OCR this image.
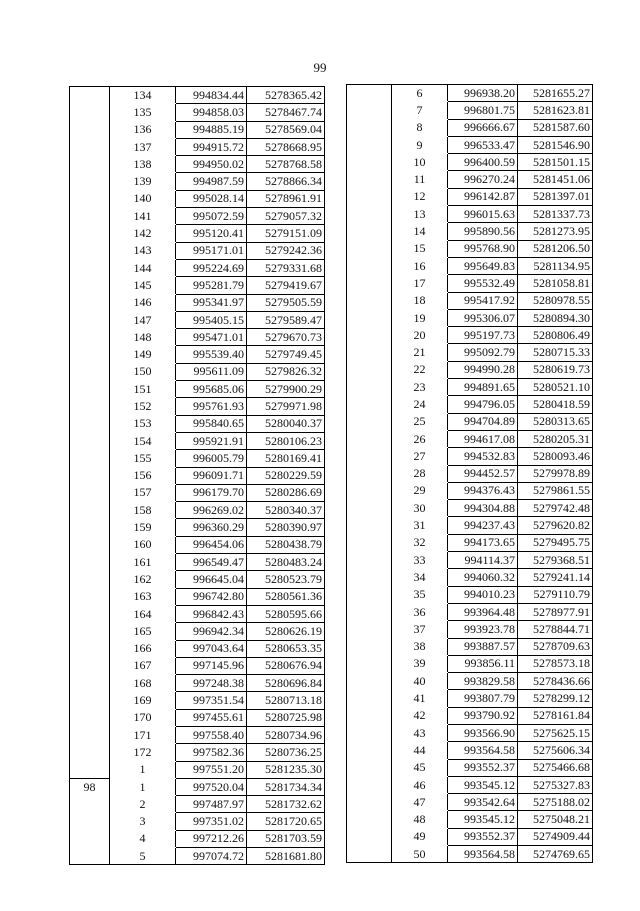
99
	134	994834.44	5278365.42
	135	994858.03	5278467.74
	136	994885.19	5278569.04
	137	994915.72	5278668.95
	138	994950.02	5278768.58
	139	994987.59	5278866.34
	140	995028.14	5278961.91
	141	995072.59	5279057.32
	142	995120.41	5279151.09
	143	995171.01	5279242.36
	144	995224.69	5279331.68
	145	995281.79	5279419.67
	146	995341.97	5279505.59
	147	995405.15	5279589.47
	148	995471.01	5279670.73
	149	995539.40	5279749.45
	150	995611.09	5279826.32
	151	995685.06	5279900.29
	152	995761.93	5279971.98
	153	995840.65	5280040.37
	154	995921.91	5280106.23
	155	996005.79	5280169.41
	156	996091.71	5280229.59
	157	996179.70	5280286.69
	158	996269.02	5280340.37
	159	996360.29	5280390.97
	160	996454.06	5280438.79
	161	996549.47	5280483.24
	162	996645.04	5280523.79
	163	996742.80	5280561.36
	164	996842.43	5280595.66
	165	996942.34	5280626.19
	166	997043.64	5280653.35
	167	997145.96	5280676.94
	168	997248.38	5280696.84
	169	997351.54	5280713.18
	170	997455.61	5280725.98
	171	997558.40	5280734.96
	172	997582.36	5280736.25
	1	997551.20	5281235.30
98	1	997520.04	5281734.34
	2	997487.97	5281732.62
	3	997351.02	5281720.65
	4	997212.26	5281703.59
	5	997074.72	5281681.80
	6	996938.20	5281655.27
	7	996801.75	5281623.81
	8	996666.67	5281587.60
	9	996533.47	5281546.90
	10	996400.59	5281501.15
	11	996270.24	5281451.06
	12	996142.87	5281397.01
	13	996015.63	5281337.73
	14	995890.56	5281273.95
	15	995768.90	5281206.50
	16	995649.83	5281134.95
	17	995532.49	5281058.81
	18	995417.92	5280978.55
	19	995306.07	5280894.30
	20	995197.73	5280806.49
	21	995092.79	5280715.33
	22	994990.28	5280619.73
	23	994891.65	5280521.10
	24	994796.05	5280418.59
	25	994704.89	5280313.65
	26	994617.08	5280205.31
	27	994532.83	5280093.46
	28	994452.57	5279978.89
	29	994376.43	5279861.55
	30	994304.88	5279742.48
	31	994237.43	5279620.82
	32	994173.65	5279495.75
	33	994114.37	5279368.51
	34	994060.32	5279241.14
	35	994010.23	5279110.79
	36	993964.48	5278977.91
	37	993923.78	5278844.71
	38	993887.57	5278709.63
	39	993856.11	5278573.18
	40	993829.58	5278436.66
	41	993807.79	5278299.12
	42	993790.92	5278161.84
	43	993566.90	5275625.15
	44	993564.58	5275606.34
	45	993552.37	5275466.68
	46	993545.12	5275327.83
	47	993542.64	5275188.02
	48	993545.12	5275048.21
	49	993552.37	5274909.44
	50	993564.58	5274769.65
